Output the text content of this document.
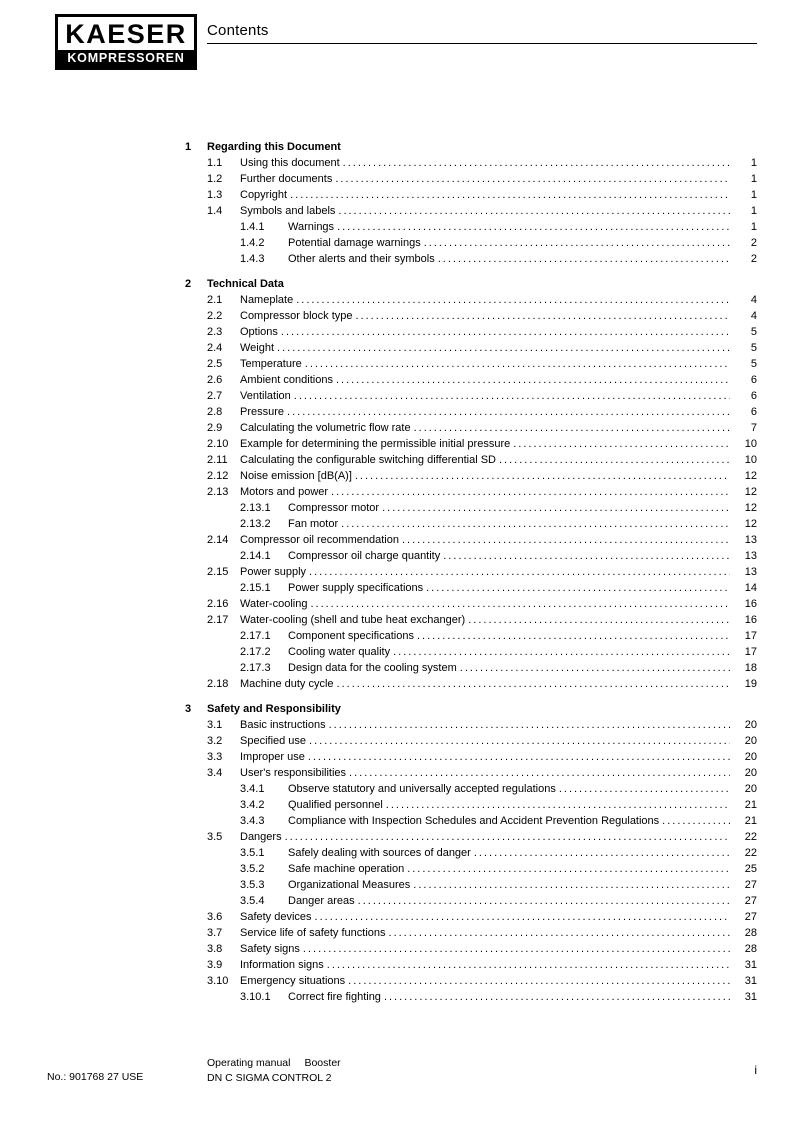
KAESER
KOMPRESSOREN
Contents
1	Regarding this Document
1.1	Using this document .....	1
1.2	Further documents .....	1
1.3	Copyright .....	1
1.4	Symbols and labels .....	1
1.4.1	Warnings .....	1
1.4.2	Potential damage warnings .....	2
1.4.3	Other alerts and their symbols .....	2
2	Technical Data
2.1	Nameplate .....	4
2.2	Compressor block type .....	4
2.3	Options .....	5
2.4	Weight .....	5
2.5	Temperature .....	5
2.6	Ambient conditions .....	6
2.7	Ventilation .....	6
2.8	Pressure .....	6
2.9	Calculating the volumetric flow rate .....	7
2.10	Example for determining the permissible initial pressure .....	10
2.11	Calculating the configurable switching differential SD .....	10
2.12	Noise emission [dB(A)] .....	12
2.13	Motors and power .....	12
2.13.1	Compressor motor .....	12
2.13.2	Fan motor .....	12
2.14	Compressor oil recommendation .....	13
2.14.1	Compressor oil charge quantity .....	13
2.15	Power supply .....	13
2.15.1	Power supply specifications .....	14
2.16	Water-cooling .....	16
2.17	Water-cooling (shell and tube heat exchanger) .....	16
2.17.1	Component specifications .....	17
2.17.2	Cooling water quality .....	17
2.17.3	Design data for the cooling system .....	18
2.18	Machine duty cycle .....	19
3	Safety and Responsibility
3.1	Basic instructions .....	20
3.2	Specified use .....	20
3.3	Improper use .....	20
3.4	User's responsibilities .....	20
3.4.1	Observe statutory and universally accepted regulations .....	20
3.4.2	Qualified personnel .....	21
3.4.3	Compliance with Inspection Schedules and Accident Prevention Regulations .....	21
3.5	Dangers .....	22
3.5.1	Safely dealing with sources of danger .....	22
3.5.2	Safe machine operation .....	25
3.5.3	Organizational Measures .....	27
3.5.4	Danger areas .....	27
3.6	Safety devices .....	27
3.7	Service life of safety functions .....	28
3.8	Safety signs .....	28
3.9	Information signs .....	31
3.10	Emergency situations .....	31
3.10.1	Correct fire fighting .....	31
No.: 901768 27 USE
Operating manual Booster
DN C SIGMA CONTROL 2
i
